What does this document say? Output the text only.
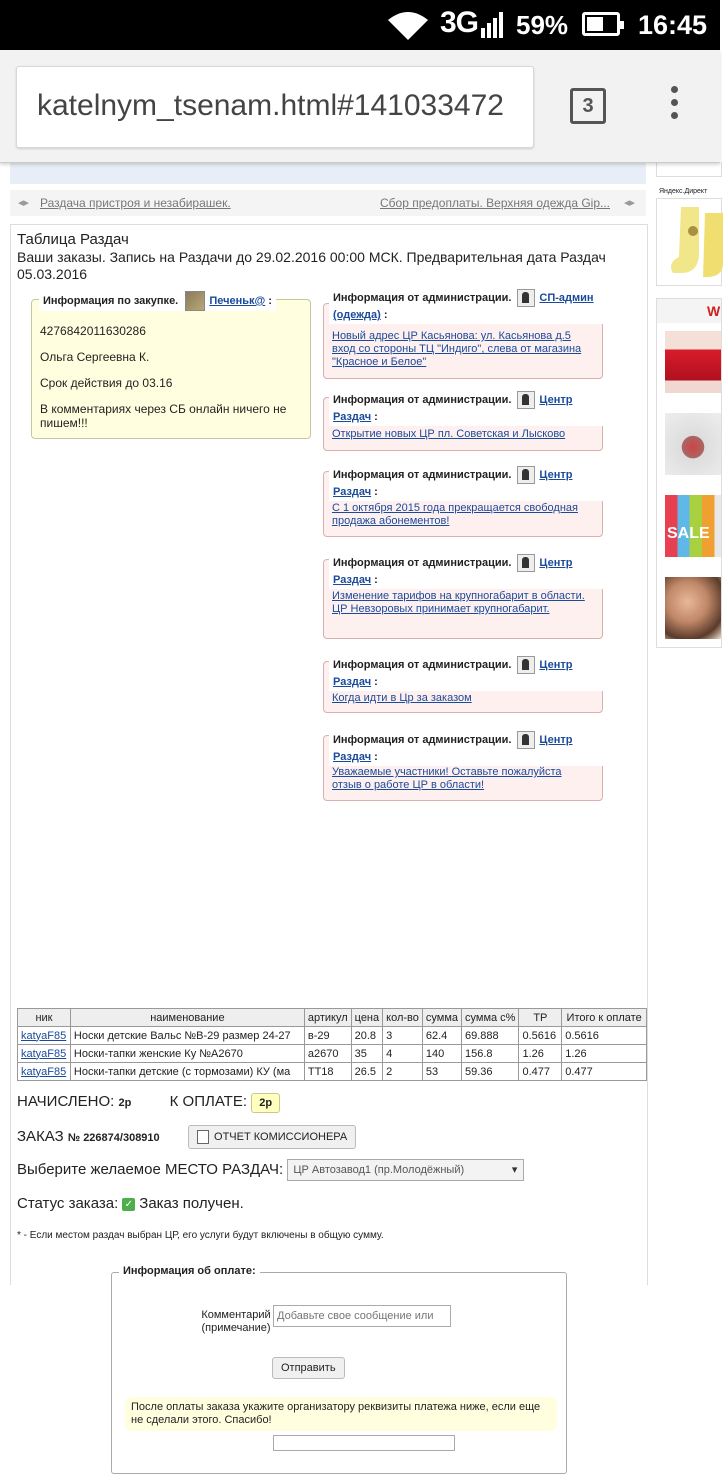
3G 59%	16:45
katelnym_tsenam.html#141033472	3
◂▸ Раздача пристроя и незабирашек.	Сбор предоплаты. Верхняя одежда Gip... ◂▸
Таблица Раздач
Ваши заказы. Запись на Раздачи до 29.02.2016 00:00 МСК. Предварительная дата Раздач 05.03.2016

4276842011630286

Ольга Сергеевна К.

Срок действия до 03.16

В комментариях через СБ онлайн ничего не пишем!!!

Информация по закупке.	Печеньк@ :
Новый адрес ЦР Касьянова: ул. Касьянова д.5 вход со стороны ТЦ "Индиго", слева от магазина "Красное и Белое"
Информация от администрации.	СП-админ (одежда) :
Открытие новых ЦР пл. Советская и Лысково
Информация от администрации.	Центр Раздач :
С 1 октября 2015 года прекращается свободная продажа абонементов!
Информация от администрации.	Центр Раздач :
Изменение тарифов на крупногабарит в области. ЦР Невзоровых принимает крупногабарит.
Информация от администрации.	Центр Раздач :
Когда идти в Цр за заказом
Информация от администрации.	Центр Раздач :
Уважаемые участники! Оставьте пожалуйста отзыв о работе ЦР в области!
Информация от администрации.	Центр Раздач :
ник	наименование	артикул	цена	кол-во	сумма	сумма с%	ТР	Итого к оплате
katyaF85	Носки детские Вальс №В-29 размер 24-27	в-29	20.8	3	62.4	69.888	0.5616	0.5616
katyaF85	Носки-тапки женские Ку №А2670	а2670	35	4	140	156.8	1.26	1.26
katyaF85	Носки-тапки детские (с тормозами) КУ (ма	ТТ18	26.5	2	53	59.36	0.477	0.477
НАЧИСЛЕНО: 2р	К ОПЛАТЕ: 2р
ЗАКАЗ № 226874/308910	ОТЧЕТ КОМИССИОНЕРА
Выберите желаемое МЕСТО РАЗДАЧ: ЦР Автозавод1 (пр.Молодёжный) ▾
Статус заказа: ✓ Заказ получен.
* - Если местом раздач выбран ЦР, его услуги будут включены в общую сумму.
Информация об оплате:
Комментарий (примечание)
Добавьте свое сообщение или
Отправить
После оплаты заказа укажите организатору реквизиты платежа ниже, если еще не сделали этого. Спасибо!
Яндекс.Директ
W
SALE
